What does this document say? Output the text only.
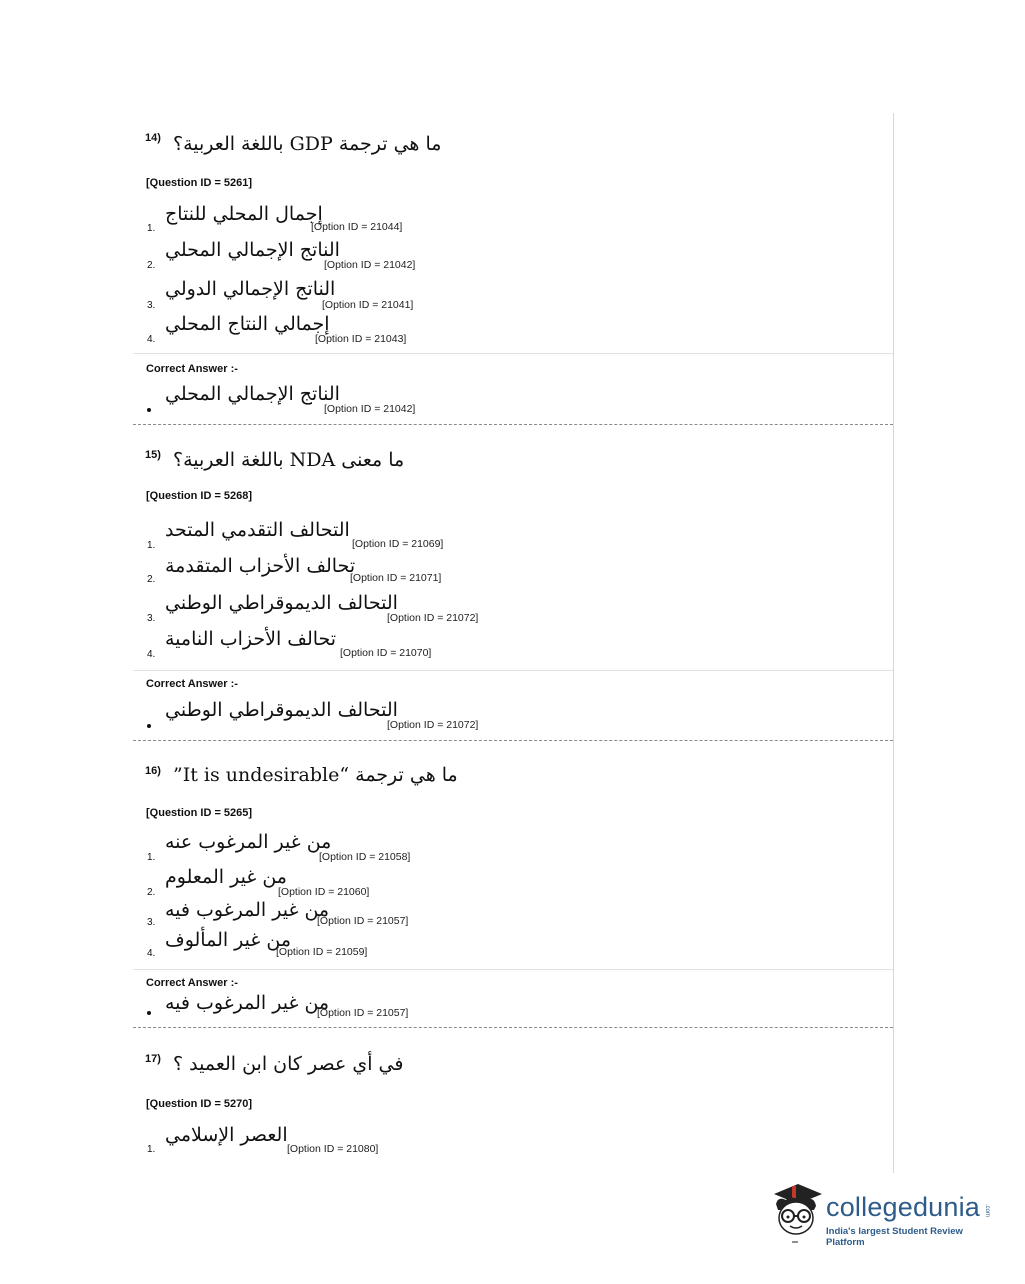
14) ما هي ترجمة GDP باللغة العربية؟
[Question ID = 5261]
1.
إجمال المحلي للنتاج
[Option ID = 21044]
2.
الناتج الإجمالي المحلي
[Option ID = 21042]
3.
الناتج الإجمالي الدولي
[Option ID = 21041]
4.
إجمالي النتاج المحلي
[Option ID = 21043]
Correct Answer :-
الناتج الإجمالي المحلي
[Option ID = 21042]
15) ما معنى NDA باللغة العربية؟
[Question ID = 5268]
1.
التحالف التقدمي المتحد
[Option ID = 21069]
2.
تحالف الأحزاب المتقدمة
[Option ID = 21071]
3.
التحالف الديموقراطي الوطني
[Option ID = 21072]
4.
تحالف الأحزاب النامية
[Option ID = 21070]
Correct Answer :-
التحالف الديموقراطي الوطني
[Option ID = 21072]
16) ما هي ترجمة “It is undesirable”
[Question ID = 5265]
1.
من غير المرغوب عنه
[Option ID = 21058]
2.
من غير المعلوم
[Option ID = 21060]
3.
من غير المرغوب فيه
[Option ID = 21057]
4.
من غير المألوف
[Option ID = 21059]
Correct Answer :-
من غير المرغوب فيه
[Option ID = 21057]
17) في أي عصر كان ابن العميد ؟
[Question ID = 5270]
1.
العصر الإسلامي
[Option ID = 21080]
collegedunia .com
India's largest Student Review Platform
